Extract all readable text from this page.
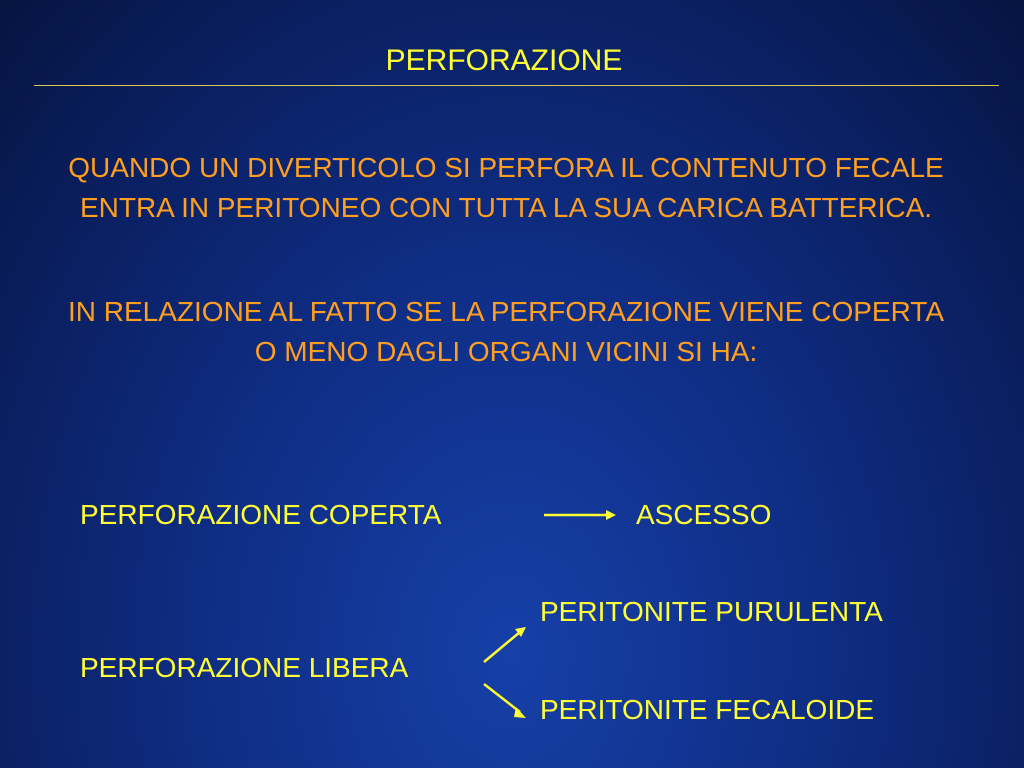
PERFORAZIONE

QUANDO UN DIVERTICOLO SI PERFORA IL CONTENUTO FECALE ENTRA IN PERITONEO CON TUTTA LA SUA CARICA BATTERICA.

IN RELAZIONE AL FATTO SE LA PERFORAZIONE VIENE COPERTA O MENO DAGLI ORGANI VICINI SI HA:

PERFORAZIONE COPERTA	ASCESSO
PERITONITE PURULENTA
PERFORAZIONE LIBERA
PERITONITE FECALOIDE
